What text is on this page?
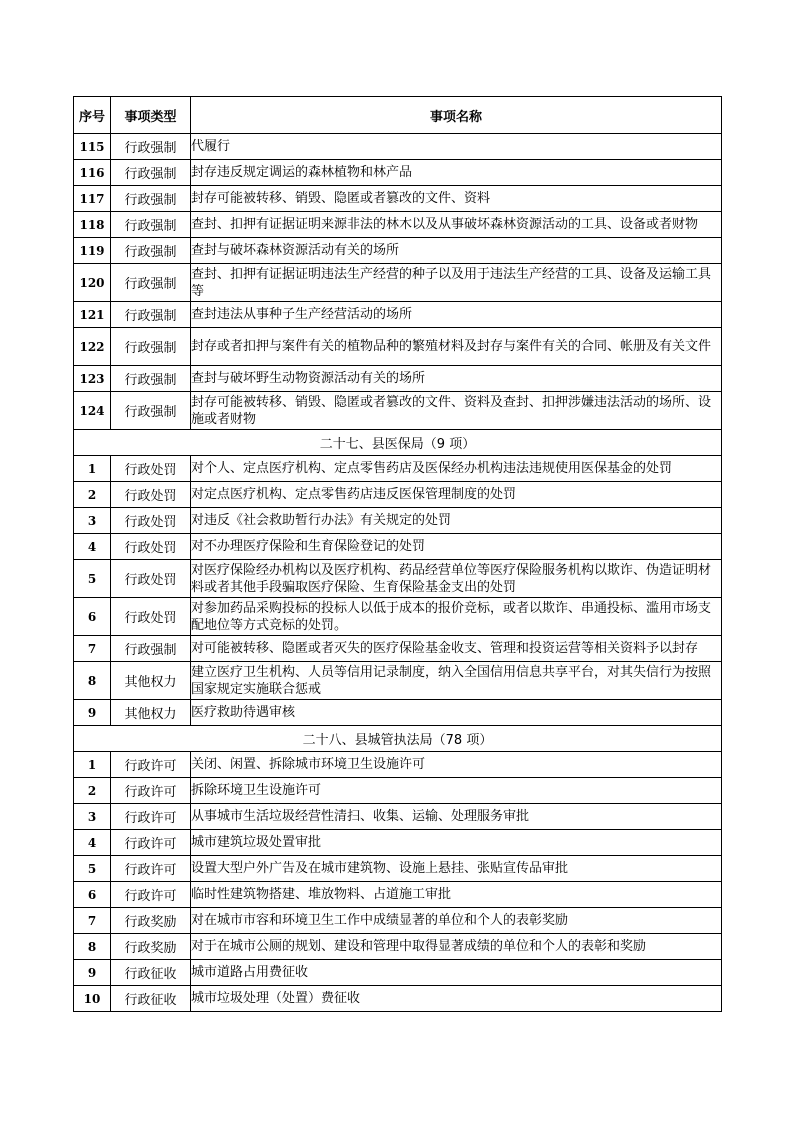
序号	事项类型	事项名称
115	行政强制	代履行
116	行政强制	封存违反规定调运的森林植物和林产品
117	行政强制	封存可能被转移、销毁、隐匿或者篡改的文件、资料
118	行政强制	查封、扣押有证据证明来源非法的林木以及从事破坏森林资源活动的工具、设备或者财物
119	行政强制	查封与破坏森林资源活动有关的场所
120	行政强制	查封、扣押有证据证明违法生产经营的种子以及用于违法生产经营的工具、设备及运输工具等
121	行政强制	查封违法从事种子生产经营活动的场所
122	行政强制	封存或者扣押与案件有关的植物品种的繁殖材料及封存与案件有关的合同、帐册及有关文件
123	行政强制	查封与破坏野生动物资源活动有关的场所
124	行政强制	封存可能被转移、销毁、隐匿或者篡改的文件、资料及查封、扣押涉嫌违法活动的场所、设施或者财物
二十七、县医保局（9 项）		
1	行政处罚	对个人、定点医疗机构、定点零售药店及医保经办机构违法违规使用医保基金的处罚
2	行政处罚	对定点医疗机构、定点零售药店违反医保管理制度的处罚
3	行政处罚	对违反《社会救助暂行办法》有关规定的处罚
4	行政处罚	对不办理医疗保险和生育保险登记的处罚
5	行政处罚	对医疗保险经办机构以及医疗机构、药品经营单位等医疗保险服务机构以欺诈、伪造证明材料或者其他手段骗取医疗保险、生育保险基金支出的处罚
6	行政处罚	对参加药品采购投标的投标人以低于成本的报价竞标，或者以欺诈、串通投标、滥用市场支配地位等方式竞标的处罚。
7	行政强制	对可能被转移、隐匿或者灭失的医疗保险基金收支、管理和投资运营等相关资料予以封存
8	其他权力	建立医疗卫生机构、人员等信用记录制度，纳入全国信用信息共享平台，对其失信行为按照国家规定实施联合惩戒
9	其他权力	医疗救助待遇审核
二十八、县城管执法局（78 项）		
1	行政许可	关闭、闲置、拆除城市环境卫生设施许可
2	行政许可	拆除环境卫生设施许可
3	行政许可	从事城市生活垃圾经营性清扫、收集、运输、处理服务审批
4	行政许可	城市建筑垃圾处置审批
5	行政许可	设置大型户外广告及在城市建筑物、设施上悬挂、张贴宣传品审批
6	行政许可	临时性建筑物搭建、堆放物料、占道施工审批
7	行政奖励	对在城市市容和环境卫生工作中成绩显著的单位和个人的表彰奖励
8	行政奖励	对于在城市公厕的规划、建设和管理中取得显著成绩的单位和个人的表彰和奖励
9	行政征收	城市道路占用费征收
10	行政征收	城市垃圾处理（处置）费征收
